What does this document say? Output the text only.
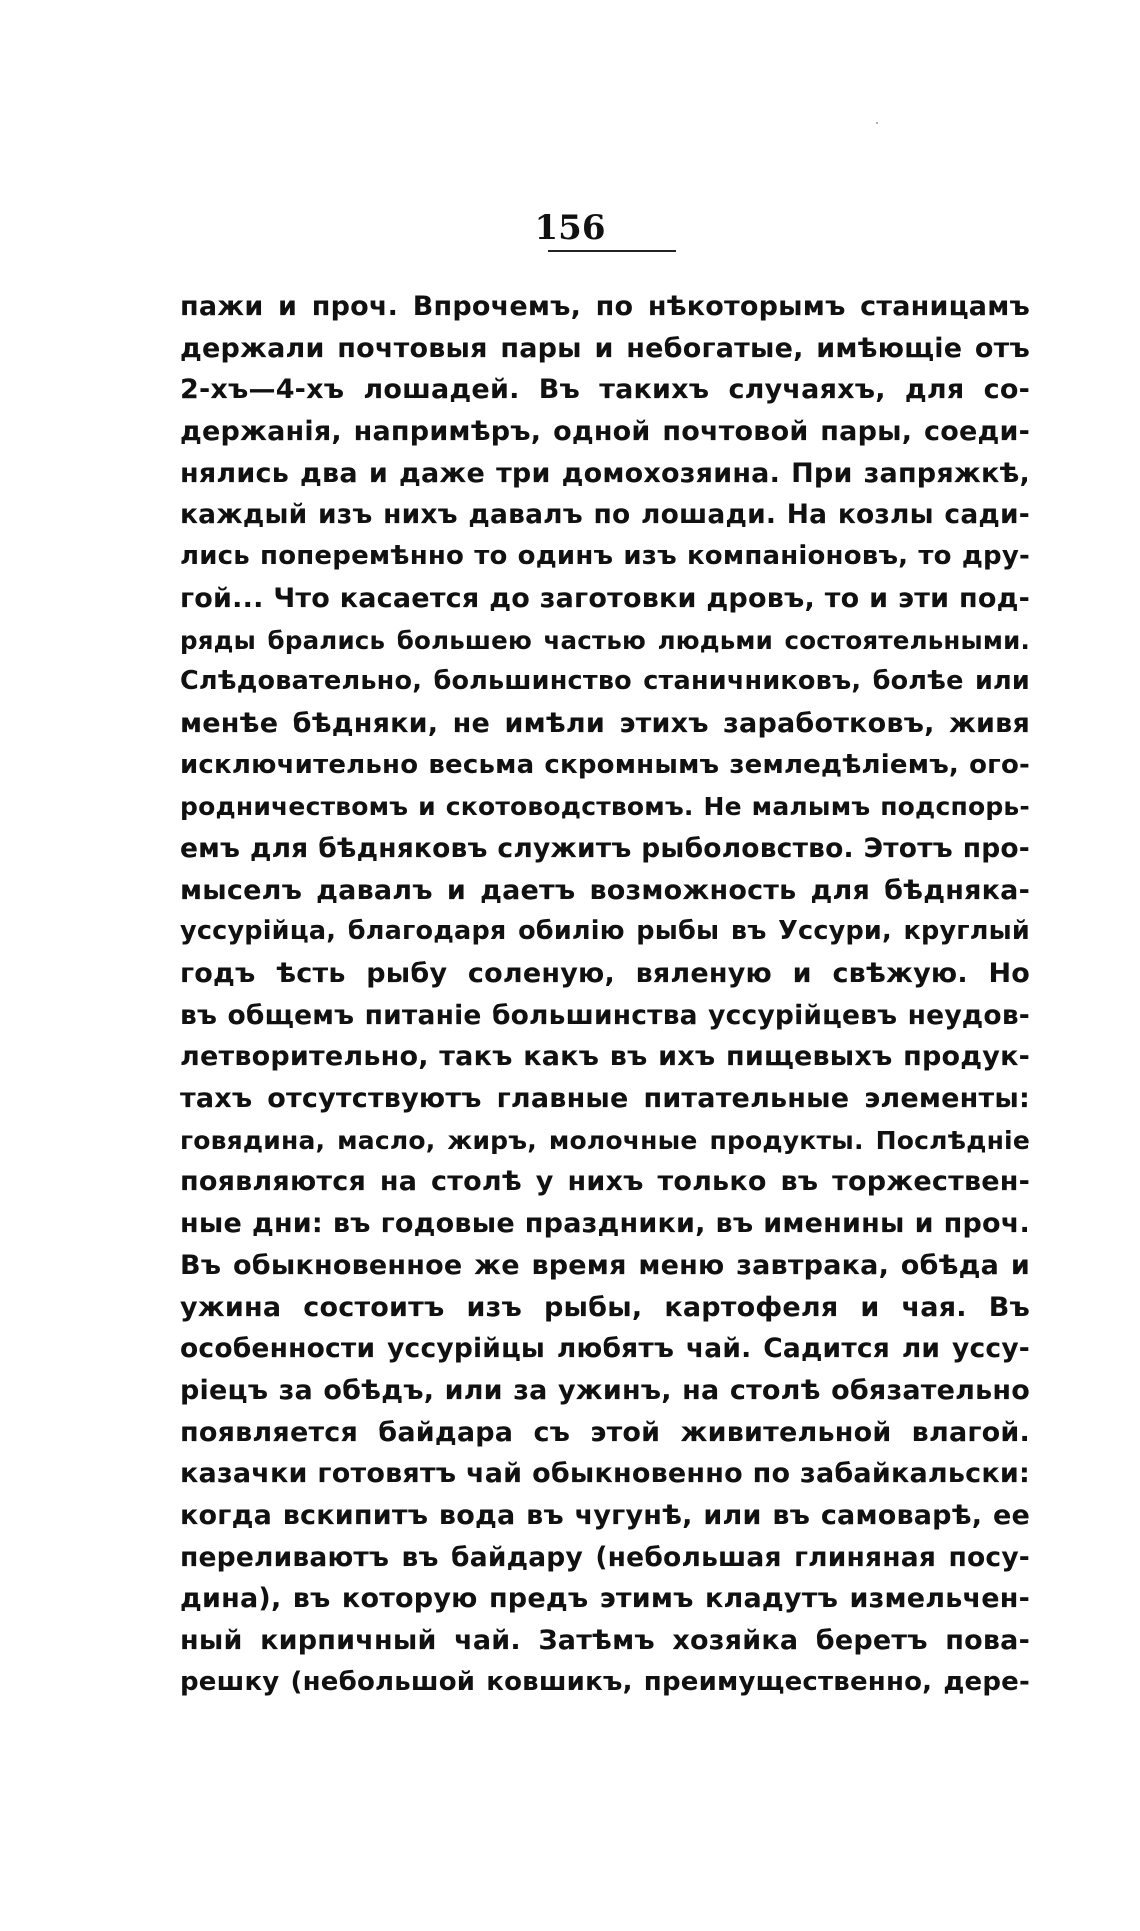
156
пажи и проч. Впрочемъ, по нѣкоторымъ станицамъ
держали почтовыя пары и небогатые, имѣющіе отъ
2-хъ—4-хъ лошадей. Въ такихъ случаяхъ, для со-
держанія, напримѣръ, одной почтовой пары, соеди-
нялись два и даже три домохозяина. При запряжкѣ,
каждый изъ нихъ давалъ по лошади. На козлы сади-
лись поперемѣнно то одинъ изъ компаніоновъ, то дру-
гой... Что касается до заготовки дровъ, то и эти под-
ряды брались большею частью людьми состоятельными.
Слѣдовательно, большинство станичниковъ, болѣе или
менѣе бѣдняки, не имѣли этихъ заработковъ, живя
исключительно весьма скромнымъ земледѣліемъ, ого-
родничествомъ и скотоводствомъ. Не малымъ подспорь-
емъ для бѣдняковъ служитъ рыболовство. Этотъ про-
мыселъ давалъ и даетъ возможность для бѣдняка-
уссурійца, благодаря обилію рыбы въ Уссури, круглый
годъ ѣсть рыбу соленую, вяленую и свѣжую. Но
въ общемъ питаніе большинства уссурійцевъ неудов-
летворительно, такъ какъ въ ихъ пищевыхъ продук-
тахъ отсутствуютъ главные питательные элементы:
говядина, масло, жиръ, молочные продукты. Послѣдніе
появляются на столѣ у нихъ только въ торжествен-
ные дни: въ годовые праздники, въ именины и проч.
Въ обыкновенное же время меню завтрака, обѣда и
ужина состоитъ изъ рыбы, картофеля и чая. Въ
особенности уссурійцы любятъ чай. Садится ли уссу-
ріецъ за обѣдъ, или за ужинъ, на столѣ обязательно
появляется байдара съ этой живительной влагой.
казачки готовятъ чай обыкновенно по забайкальски:
когда вскипитъ вода въ чугунѣ, или въ самоварѣ, ее
переливаютъ въ байдару (небольшая глиняная посу-
дина), въ которую предъ этимъ кладутъ измельчен-
ный кирпичный чай. Затѣмъ хозяйка беретъ пова-
решку (небольшой ковшикъ, преимущественно, дере-
